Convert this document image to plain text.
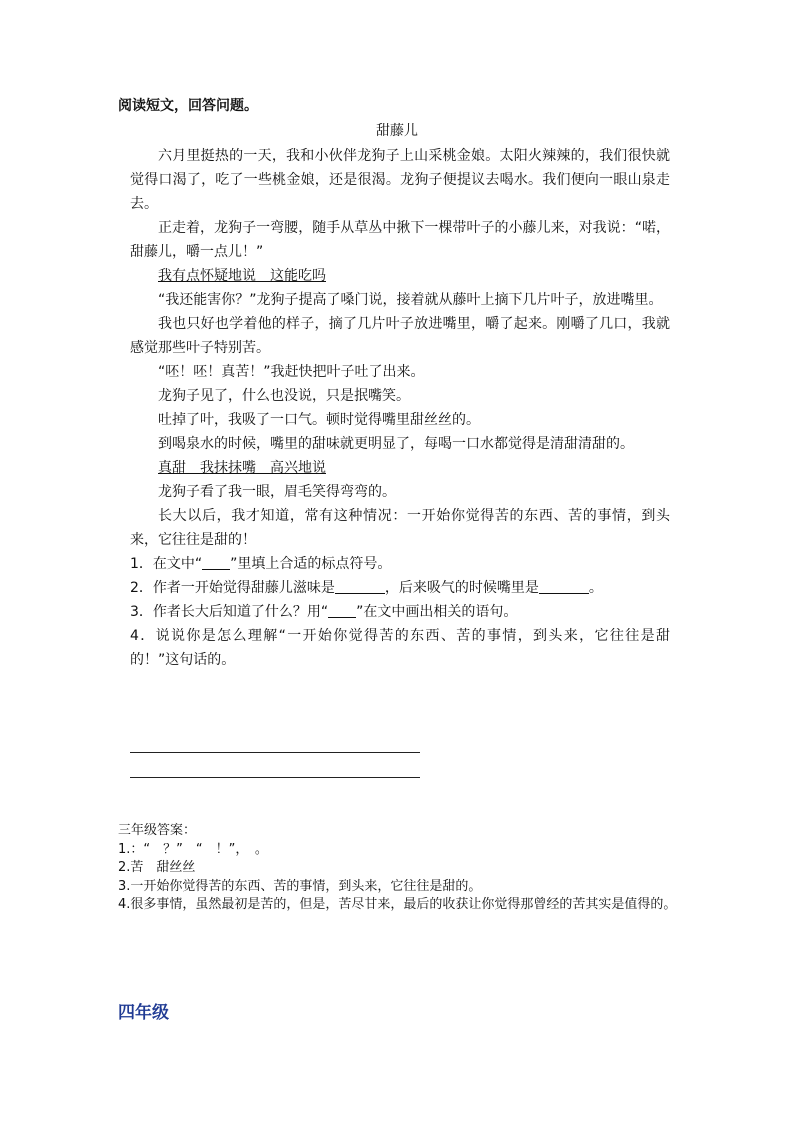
阅读短文，回答问题。
甜藤儿

六月里挺热的一天，我和小伙伴龙狗子上山采桃金娘。太阳火辣辣的，我们很快就觉得口渴了，吃了一些桃金娘，还是很渴。龙狗子便提议去喝水。我们便向一眼山泉走去。

正走着，龙狗子一弯腰，随手从草丛中揪下一棵带叶子的小藤儿来，对我说：“喏，甜藤儿，嚼一点儿！”

我有点怀疑地说　这能吃吗

“我还能害你？”龙狗子提高了嗓门说，接着就从藤叶上摘下几片叶子，放进嘴里。

我也只好也学着他的样子，摘了几片叶子放进嘴里，嚼了起来。刚嚼了几口，我就感觉那些叶子特别苦。

“呸！呸！真苦！”我赶快把叶子吐了出来。

龙狗子见了，什么也没说，只是抿嘴笑。

吐掉了叶，我吸了一口气。顿时觉得嘴里甜丝丝的。

到喝泉水的时候，嘴里的甜味就更明显了，每喝一口水都觉得是清甜清甜的。

真甜　我抹抹嘴　高兴地说

龙狗子看了我一眼，眉毛笑得弯弯的。

长大以后，我才知道，常有这种情况：一开始你觉得苦的东西、苦的事情，到头来，它往往是甜的！

1．在文中“ ”里填上合适的标点符号。

2．作者一开始觉得甜藤儿滋味是	，后来吸气的时候嘴里是	。

3．作者长大后知道了什么？用“ ”在文中画出相关的语句。

4．说说你是怎么理解“一开始你觉得苦的东西、苦的事情，到头来，它往往是甜的！”这句话的。

三年级答案：
1.：“　？”　“　！”，　。
2.苦　甜丝丝
3.一开始你觉得苦的东西、苦的事情，到头来，它往往是甜的。
4.很多事情，虽然最初是苦的，但是，苦尽甘来，最后的收获让你觉得那曾经的苦其实是值得的。
四年级
